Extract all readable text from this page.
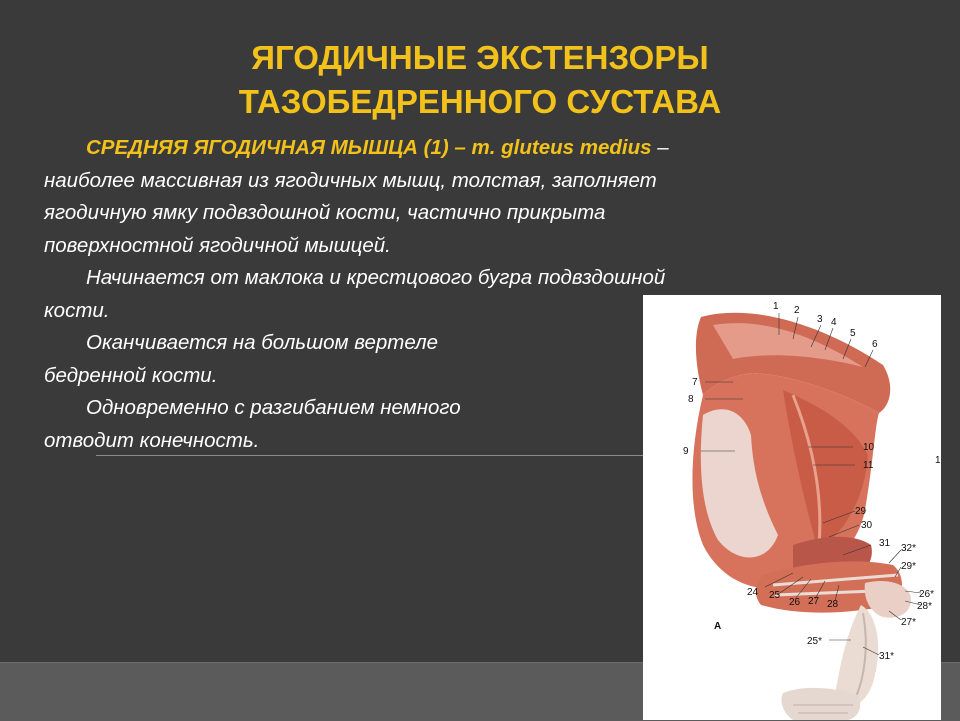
ЯГОДИЧНЫЕ ЭКСТЕНЗОРЫ
ТАЗОБЕДРЕННОГО СУСТАВА

СРЕДНЯЯ ЯГОДИЧНАЯ МЫШЦА (1) – m. gluteus medius –

наиболее массивная из ягодичных мышц, толстая, заполняет

ягодичную ямку подвздошной кости, частично прикрыта

поверхностной ягодичной мышцей.

Начинается от маклока и крестцового бугра подвздошной

кости.

Оканчивается на большом вертеле

бедренной кости.

Одновременно с разгибанием немного

отводит конечность.

1 2
3 4
5
6
7
8
9	10
11	1
29
30
31 32*
29*
24 25
26 27 28
26*
28*
27*
25*
31*
А
